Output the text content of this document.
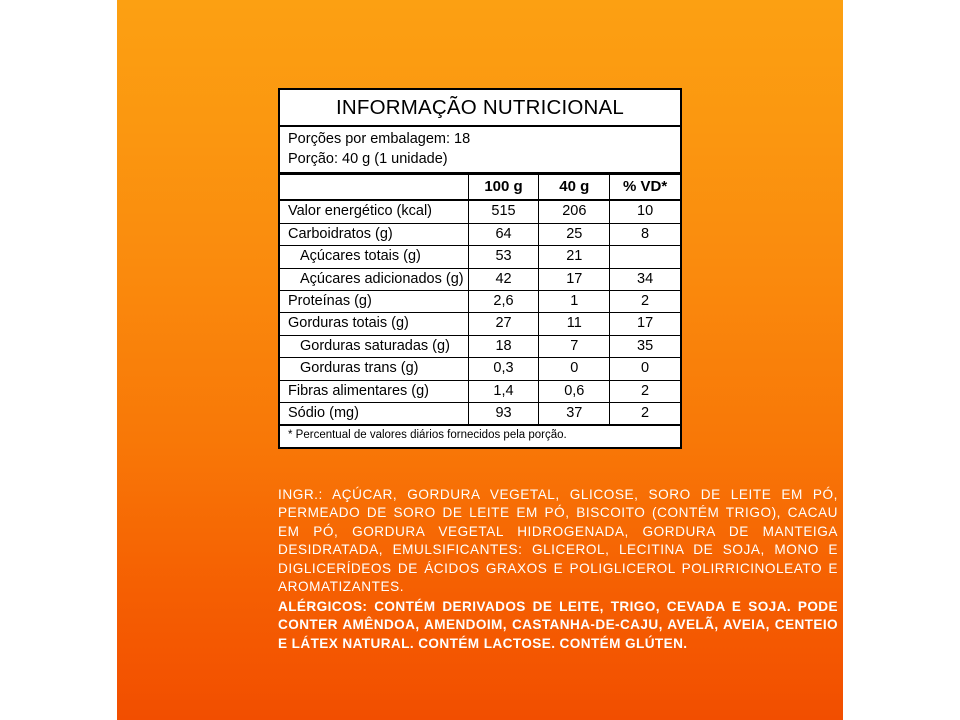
INFORMAÇÃO NUTRICIONAL
Porções por embalagem: 18
Porção: 40 g (1 unidade)
	100 g	40 g	% VD*
Valor energético (kcal)	515	206	10
Carboidratos (g)	64	25	8
Açúcares totais (g)	53	21	
Açúcares adicionados (g)	42	17	34
Proteínas (g)	2,6	1	2
Gorduras totais (g)	27	11	17
Gorduras saturadas (g)	18	7	35
Gorduras trans (g)	0,3	0	0
Fibras alimentares (g)	1,4	0,6	2
Sódio (mg)	93	37	2
* Percentual de valores diários fornecidos pela porção.
INGR.: AÇÚCAR, GORDURA VEGETAL, GLICOSE, SORO DE LEITE EM PÓ, PERMEADO DE SORO DE LEITE EM PÓ, BISCOITO (CONTÉM TRIGO), CACAU EM PÓ, GORDURA VEGETAL HIDROGENADA, GORDURA DE MANTEIGA DESIDRATADA, EMULSIFICANTES: GLICEROL, LECITINA DE SOJA, MONO E DIGLICERÍDEOS DE ÁCIDOS GRAXOS E POLIGLICEROL POLIRRICINOLEATO E AROMATIZANTES.
ALÉRGICOS: CONTÉM DERIVADOS DE LEITE, TRIGO, CEVADA E SOJA. PODE CONTER AMÊNDOA, AMENDOIM, CASTANHA-DE-CAJU, AVELÃ, AVEIA, CENTEIO E LÁTEX NATURAL. CONTÉM LACTOSE. CONTÉM GLÚTEN.
